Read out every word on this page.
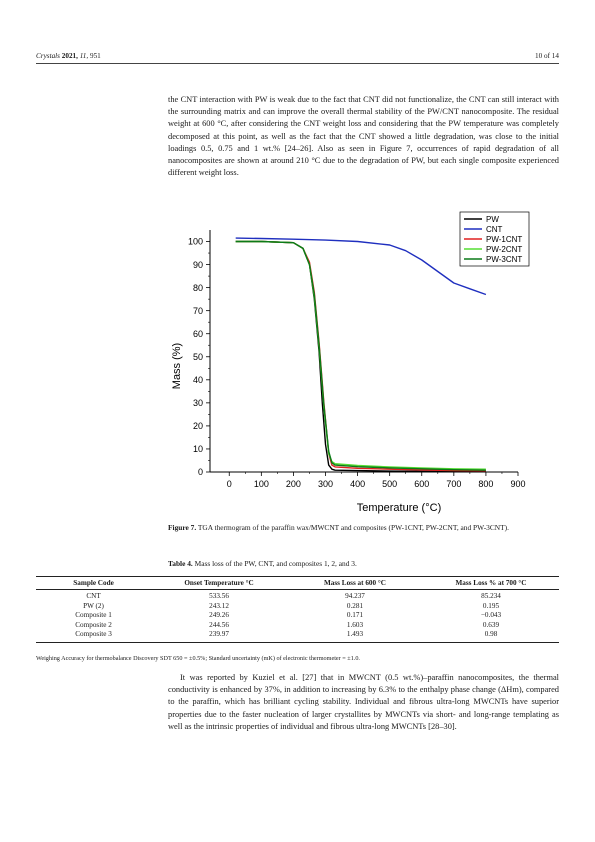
Crystals 2021, 11, 951	10 of 14
the CNT interaction with PW is weak due to the fact that CNT did not functionalize, the CNT can still interact with the surrounding matrix and can improve the overall thermal stability of the PW/CNT nanocomposite. The residual weight at 600 °C, after considering the CNT weight loss and considering that the PW temperature was completely decomposed at this point, as well as the fact that the CNT showed a little degradation, was close to the initial loadings 0.5, 0.75 and 1 wt.% [24–26]. Also as seen in Figure 7, occurrences of rapid degradation of all nanocomposites are shown at around 210 °C due to the degradation of PW, but each single composite experienced different weight loss.
0 100 200 300 400 500 600 700 800 900
0
10
20
30
40
50
60
70
80
90
100
PW
CNT
PW-1CNT
PW-2CNT
PW-3CNT
Temperature (°C)
Mass (%)
Figure 7. TGA thermogram of the paraffin wax/MWCNT and composites (PW-1CNT, PW-2CNT, and PW-3CNT).
Table 4. Mass loss of the PW, CNT, and composites 1, 2, and 3.
Sample Code	Onset Temperature °C	Mass Loss at 600 °C	Mass Loss % at 700 °C
CNT	533.56	94.237	85.234
PW (2)	243.12	0.281	0.195
Composite 1	249.26	0.171	−0.043
Composite 2	244.56	1.603	0.639
Composite 3	239.97	1.493	0.98
Weighing Accuracy for thermobalance Discovery SDT 650 = ±0.5%; Standard uncertainty (mK) of electronic thermometer = ±1.0.
It was reported by Kuziel et al. [27] that in MWCNT (0.5 wt.%)–paraffin nanocomposites, the thermal conductivity is enhanced by 37%, in addition to increasing by 6.3% to the enthalpy phase change (ΔHm), compared to the paraffin, which has brilliant cycling stability. Individual and fibrous ultra-long MWCNTs have superior properties due to the faster nucleation of larger crystallites by MWCNTs via short- and long-range templating as well as the intrinsic properties of individual and fibrous ultra-long MWCNTs [28–30].
